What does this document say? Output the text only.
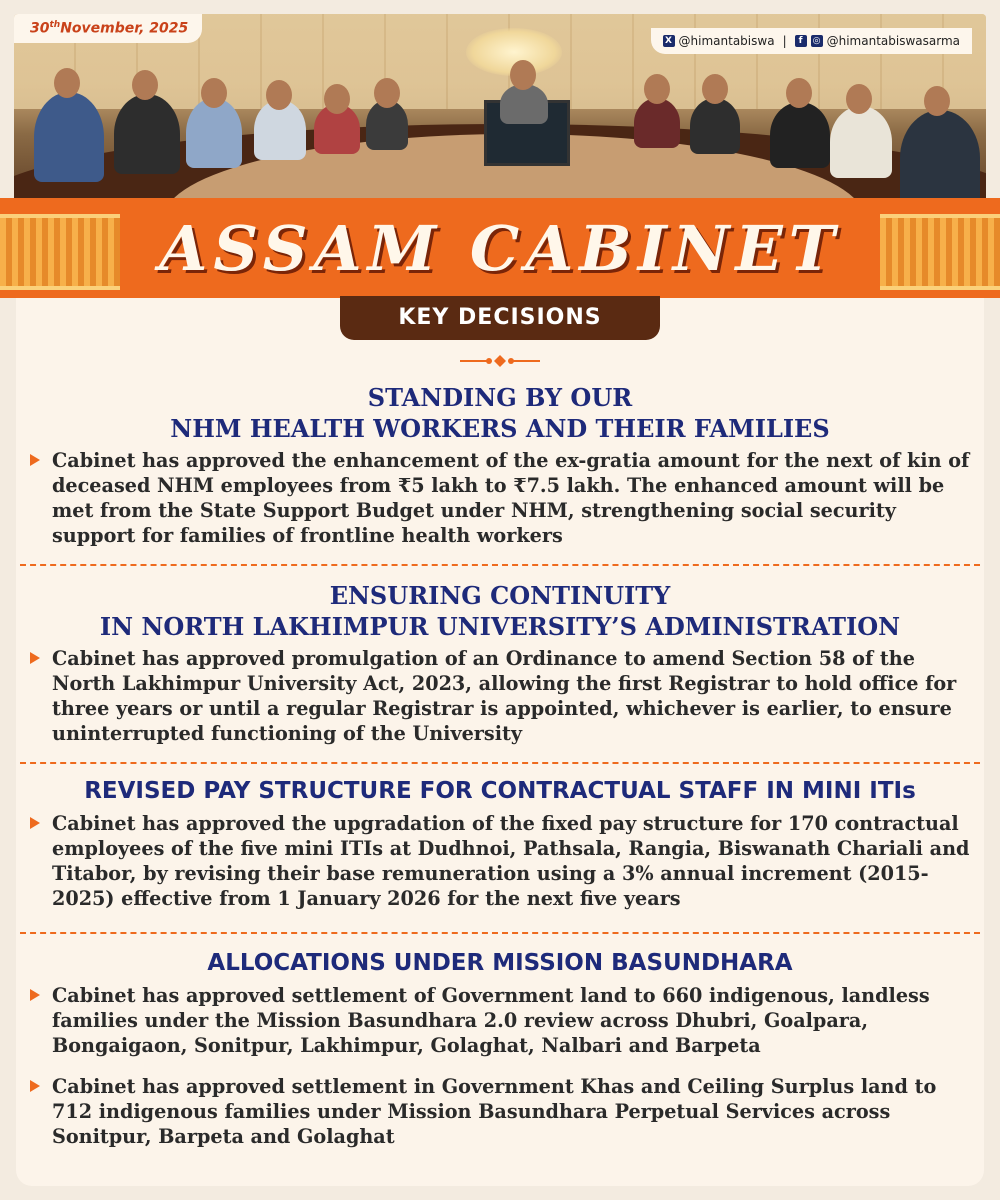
30thNovember, 2025
X @himantabiswa |	f	◎ @himantabiswasarma
ASSAM CABINET
KEY DECISIONS
STANDING BY OUR
NHM HEALTH WORKERS AND THEIR FAMILIES
Cabinet has approved the enhancement of the ex-gratia amount for the next of kin of deceased NHM employees from ₹5 lakh to ₹7.5 lakh. The enhanced amount will be met from the State Support Budget under NHM, strengthening social security support for families of frontline health workers
ENSURING CONTINUITY
IN NORTH LAKHIMPUR UNIVERSITY’S ADMINISTRATION
Cabinet has approved promulgation of an Ordinance to amend Section 58 of the North Lakhimpur University Act, 2023, allowing the first Registrar to hold office for three years or until a regular Registrar is appointed, whichever is earlier, to ensure uninterrupted functioning of the University
REVISED PAY STRUCTURE FOR CONTRACTUAL STAFF IN MINI ITIs
Cabinet has approved the upgradation of the fixed pay structure for 170 contractual employees of the five mini ITIs at Dudhnoi, Pathsala, Rangia, Biswanath Chariali and Titabor, by revising their base remuneration using a 3% annual increment (2015-2025) effective from 1 January 2026 for the next five years
ALLOCATIONS UNDER MISSION BASUNDHARA
Cabinet has approved settlement of Government land to 660 indigenous, landless families under the Mission Basundhara 2.0 review across Dhubri, Goalpara, Bongaigaon, Sonitpur, Lakhimpur, Golaghat, Nalbari and Barpeta
Cabinet has approved settlement in Government Khas and Ceiling Surplus land to 712 indigenous families under Mission Basundhara Perpetual Services across Sonitpur, Barpeta and Golaghat
